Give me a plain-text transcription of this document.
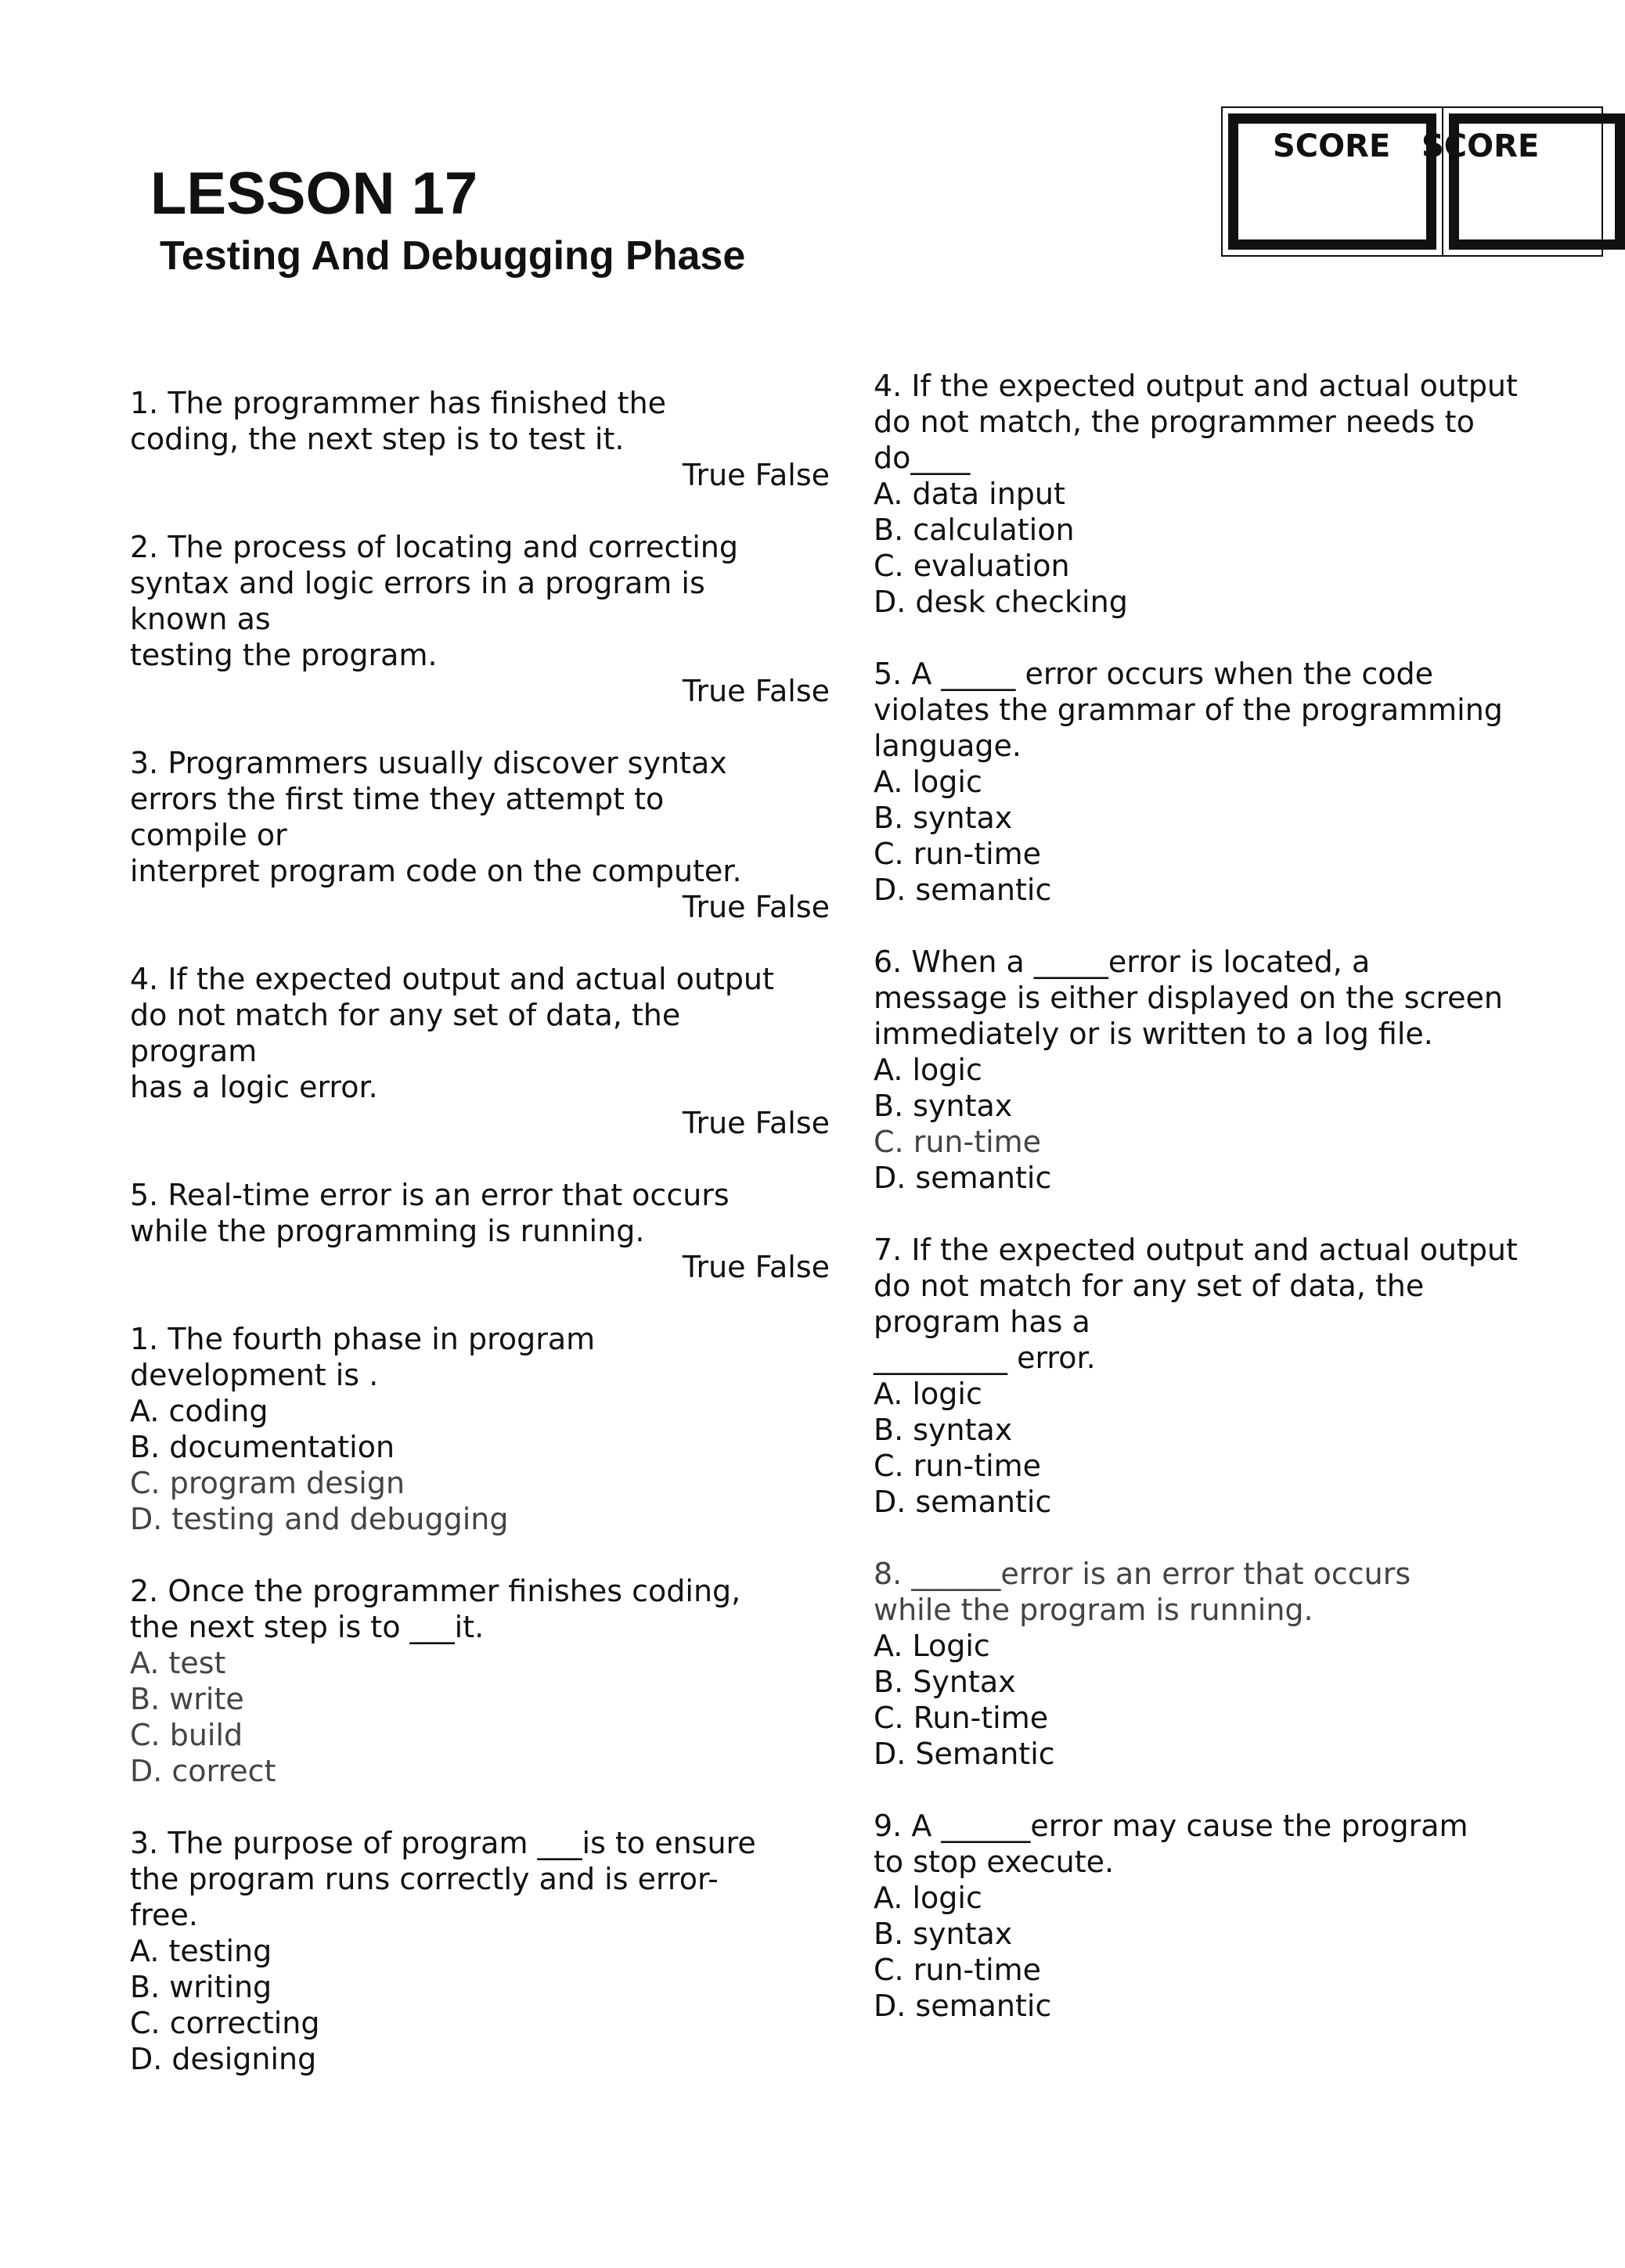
LESSON 17
Testing And Debugging Phase
SCORE SCORE
1. The programmer has finished the
coding, the next step is to test it.
True False
2. The process of locating and correcting
syntax and logic errors in a program is
known as
testing the program.
True False
3. Programmers usually discover syntax
errors the first time they attempt to
compile or
interpret program code on the computer.
True False
4. If the expected output and actual output
do not match for any set of data, the
program
has a logic error.
True False
5. Real-time error is an error that occurs
while the programming is running.
True False
1. The fourth phase in program
development is .
A. coding
B. documentation
C. program design
D. testing and debugging
2. Once the programmer finishes coding,
the next step is to ___it.
A. test
B. write
C. build
D. correct
3. The purpose of program ___is to ensure
the program runs correctly and is error-
free.
A. testing
B. writing
C. correcting
D. designing
4. If the expected output and actual output
do not match, the programmer needs to
do____
A. data input
B. calculation
C. evaluation
D. desk checking
5. A _____ error occurs when the code
violates the grammar of the programming
language.
A. logic
B. syntax
C. run-time
D. semantic
6. When a _____error is located, a
message is either displayed on the screen
immediately or is written to a log file.
A. logic
B. syntax
C. run-time
D. semantic
7. If the expected output and actual output
do not match for any set of data, the
program has a
_________ error.
A. logic
B. syntax
C. run-time
D. semantic
8. ______error is an error that occurs
while the program is running.
A. Logic
B. Syntax
C. Run-time
D. Semantic
9. A ______error may cause the program
to stop execute.
A. logic
B. syntax
C. run-time
D. semantic
